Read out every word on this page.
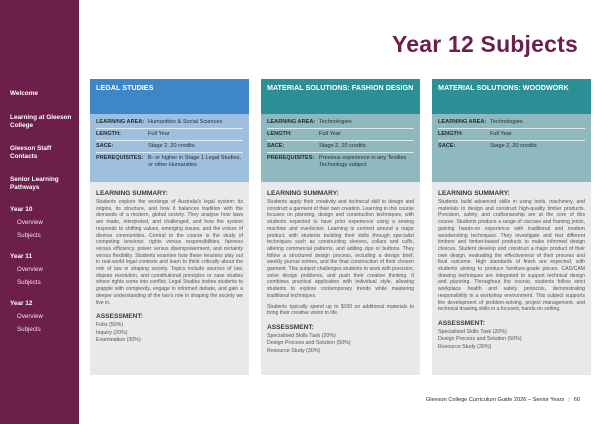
Welcome
Learning at Gleeson College
Gleeson Staff Contacts
Senior Learning Pathways
Year 10
Overview
Subjects
Year 11
Overview
Subjects
Year 12
Overview
Subjects
Year 12 Subjects
LEGAL STUDIES
LEARNING AREA: Humanities & Social Sciences
LENGTH:	Full Year
SACE:	Stage 2, 20 credits
PREREQUISITES: B- or higher in Stage 1 Legal Studies, or other Humanities
LEARNING SUMMARY:

Students explore the workings of Australia's legal system: its origins, its structure, and how it balances tradition with the demands of a modern, global society. They analyse how laws are made, interpreted, and challenged, and how the system responds to shifting values, emerging issues, and the voices of diverse communities. Central to the course is the study of competing tensions: rights versus responsibilities, fairness versus efficiency, power versus disempowerment, and certainty versus flexibility. Students examine how these tensions play out in real-world legal contexts and learn to think critically about the role of law in shaping society. Topics include sources of law, dispute resolution, and constitutional principles or case studies where rights come into conflict. Legal Studies invites students to grapple with complexity, engage in informed debate, and gain a deeper understanding of the law's role in shaping the society we live in.

ASSESSMENT:
Folio (50%)
Inquiry (20%)
Examination (30%)
MATERIAL SOLUTIONS: FASHION DESIGN
LEARNING AREA: Technologies
LENGTH:	Full Year
SACE:	Stage 2, 20 credits
PREREQUISITES: Previous experience in any Textiles Technology subject
LEARNING SUMMARY:

Students apply their creativity and technical skill to design and construct a garment of their own creation. Learning in this course focuses on planning, design and construction techniques, with students expected to have prior experience using a sewing machine and overlocker. Learning is centred around a major product, with students building their skills through specialist techniques such as constructing sleeves, collars and cuffs, altering commercial patterns, and adding zips or buttons. They follow a structured design process, including a design brief, weekly journal entries, and the final construction of their chosen garment. This subject challenges students to work with precision, solve design problems, and push their creative thinking. It combines practical application with individual style, allowing students to explore contemporary trends while mastering traditional techniques.

Students typically spend up to $100 on additional materials to bring their creative vision to life.

ASSESSMENT:
Specialised Skills Task (20%)
Design Process and Solution (50%)
Resource Study (30%)
MATERIAL SOLUTIONS: WOODWORK
LEARNING AREA: Technologies
LENGTH:	Full Year
SACE:	Stage 2, 20 credits
LEARNING SUMMARY:

Students build advanced skills in using tools, machinery, and materials to design and construct high-quality timber products. Precision, safety, and craftsmanship are at the core of this course. Students produce a range of carcase and framing joints, gaining hands-on experience with traditional and modern woodworking techniques. They investigate and test different timbers and timber-based products to make informed design choices. Student develop and construct a major product of their own design, evaluating the effectiveness of their process and final outcome. High standards of finish are expected, with students aiming to produce furniture-grade pieces. CAD/CAM drawing techniques are integrated to support technical design and planning. Throughout the course, students follow strict workplace health and safety protocols, demonstrating responsibility in a workshop environment. This subject supports the development of problem-solving, project management, and technical drawing skills in a focused, hands-on setting.

ASSESSMENT:
Specialised Skills Task (20%)
Design Process and Solution (50%)
Resource Study (30%)
Gleeson College Curriculum Guide 2026 – Senior Years | 60
